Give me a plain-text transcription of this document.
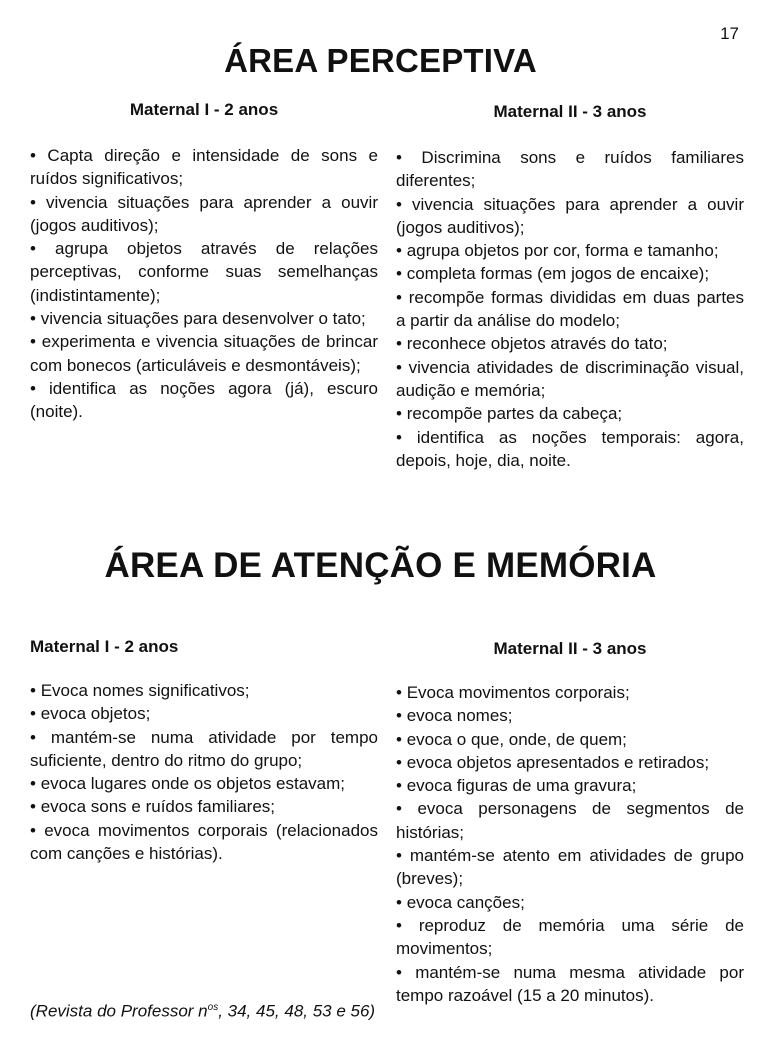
17
ÁREA PERCEPTIVA
Maternal I - 2 anos
• Capta direção e intensidade de sons e ruídos significativos;
• vivencia situações para aprender a ouvir (jogos auditivos);
• agrupa objetos através de relações perceptivas, conforme suas semelhanças (indistintamente);
• vivencia situações para desenvolver o tato;
• experimenta e vivencia situações de brincar com bonecos (articuláveis e desmontáveis);
• identifica as noções agora (já), escuro (noite).
Maternal II - 3 anos
• Discrimina sons e ruídos familiares diferentes;
• vivencia situações para aprender a ouvir (jogos auditivos);
• agrupa objetos por cor, forma e tamanho;
• completa formas (em jogos de encaixe);
• recompõe formas divididas em duas partes a partir da análise do modelo;
• reconhece objetos através do tato;
• vivencia atividades de discriminação visual, audição e memória;
• recompõe partes da cabeça;
• identifica as noções temporais: agora, depois, hoje, dia, noite.
ÁREA DE ATENÇÃO E MEMÓRIA
Maternal I - 2 anos
• Evoca nomes significativos;
• evoca objetos;
• mantém-se numa atividade por tempo suficiente, dentro do ritmo do grupo;
• evoca lugares onde os objetos estavam;
• evoca sons e ruídos familiares;
• evoca movimentos corporais (relacionados com canções e histórias).
Maternal II - 3 anos
• Evoca movimentos corporais;
• evoca nomes;
• evoca o que, onde, de quem;
• evoca objetos apresentados e retirados;
• evoca figuras de uma gravura;
• evoca personagens de segmentos de histórias;
• mantém-se atento em atividades de grupo (breves);
• evoca canções;
• reproduz de memória uma série de movimentos;
• mantém-se numa mesma atividade por tempo razoável (15 a 20 minutos).
(Revista do Professor $n^{os}$, 34, 45, 48, 53 e 56)
